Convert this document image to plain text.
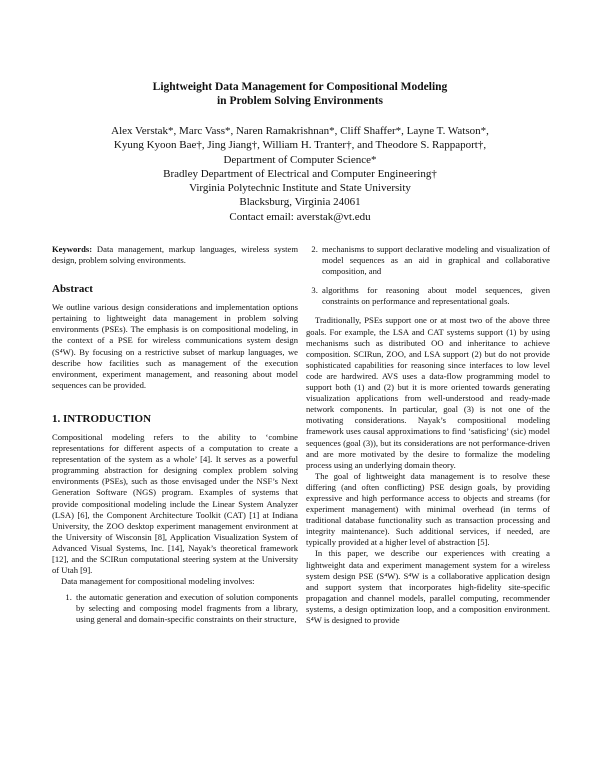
Lightweight Data Management for Compositional Modeling
in Problem Solving Environments
Alex Verstak*, Marc Vass*, Naren Ramakrishnan*, Cliff Shaffer*, Layne T. Watson*,
Kyung Kyoon Bae†, Jing Jiang†, William H. Tranter†, and Theodore S. Rappaport†,
Department of Computer Science*
Bradley Department of Electrical and Computer Engineering†
Virginia Polytechnic Institute and State University
Blacksburg, Virginia 24061
Contact email: averstak@vt.edu

Keywords: Data management, markup languages, wireless system design, problem solving environments.

Abstract

We outline various design considerations and implementation options pertaining to lightweight data management in problem solving environments (PSEs). The emphasis is on compositional modeling, in the context of a PSE for wireless communications system design (S⁴W). By focusing on a restrictive subset of markup languages, we describe how facilities such as management of the execution environment, experiment management, and reasoning about model sequences can be provided.

1. INTRODUCTION

Compositional modeling refers to the ability to ‘combine representations for different aspects of a computation to create a representation of the system as a whole’ [4]. It serves as a powerful programming abstraction for designing complex problem solving environments (PSEs), such as those envisaged under the NSF’s Next Generation Software (NGS) program. Examples of systems that provide compositional modeling include the Linear System Analyzer (LSA) [6], the Component Architecture Toolkit (CAT) [1] at Indiana University, the ZOO desktop experiment management environment at the University of Wisconsin [8], Application Visualization System of Advanced Visual Systems, Inc. [14], Nayak’s theoretical framework [12], and the SCIRun computational steering system at the University of Utah [9].

Data management for compositional modeling involves:

1. the automatic generation and execution of solution components by selecting and composing model fragments from a library, using general and domain-specific constraints on their structure,
2. mechanisms to support declarative modeling and visualization of model sequences as an aid in graphical and collaborative composition, and
3. algorithms for reasoning about model sequences, given constraints on performance and representational goals.

Traditionally, PSEs support one or at most two of the above three goals. For example, the LSA and CAT systems support (1) by using mechanisms such as distributed OO and inheritance to achieve composition. SCIRun, ZOO, and LSA support (2) but do not provide sophisticated capabilities for reasoning since interfaces to low level code are hardwired. AVS uses a data-flow programming model to support both (1) and (2) but it is more oriented towards generating visualization applications from well-understood and ready-made network components. In particular, goal (3) is not one of the motivating considerations. Nayak’s compositional modeling framework uses causal approximations to find ‘satisficing’ (sic) model sequences (goal (3)), but its considerations are not performance-driven and are more motivated by the desire to formalize the modeling process using an underlying domain theory.

The goal of lightweight data management is to resolve these differing (and often conflicting) PSE design goals, by providing expressive and high performance access to objects and streams (for experiment management) with minimal overhead (in terms of traditional database functionality such as transaction processing and integrity maintenance). Such additional services, if needed, are typically provided at a higher level of abstraction [5].

In this paper, we describe our experiences with creating a lightweight data and experiment management system for a wireless system design PSE (S⁴W). S⁴W is a collaborative application design and support system that incorporates high-fidelity site-specific propagation and channel models, parallel computing, recommender systems, a design optimization loop, and a composition environment. S⁴W is designed to provide
